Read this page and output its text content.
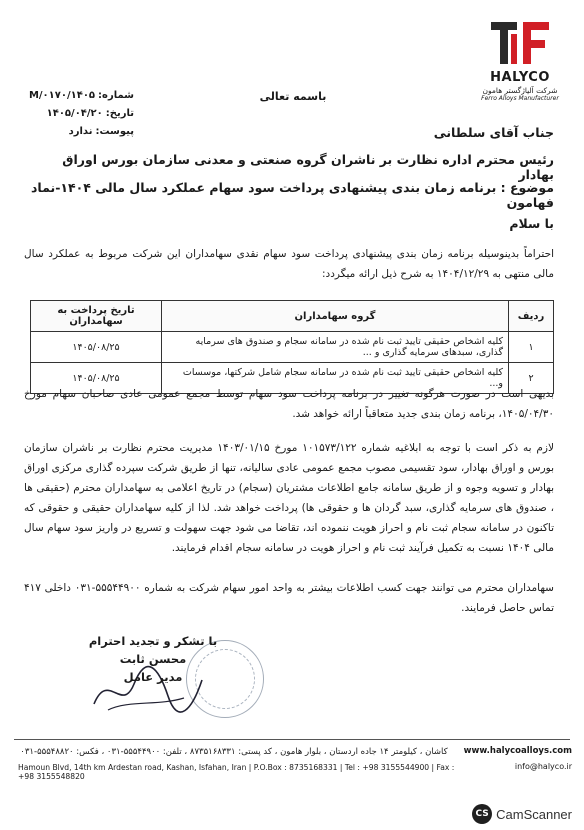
HALYCO
شرکت آلیاژگستر هامون
Ferro Alloys Manufacturer
باسمه تعالی
شماره:۱۴۰۵/M/۰۱۷۰
تاریخ:۱۴۰۵/۰۴/۲۰
پیوست:ندارد	جناب آقای سلطانی
رئیس محترم اداره نظارت بر ناشران گروه صنعتی و معدنی سازمان بورس اوراق بهادار
موضوع : برنامه زمان بندی پیشنهادی پرداخت سود سهام عملکرد سال مالی ۱۴۰۴-نماد فهامون
با سلام
احتراماً بدینوسیله برنامه زمان بندی پیشنهادی پرداخت سود سهام نقدی سهامداران این شرکت مربوط به عملکرد سال مالی منتهی به ۱۴۰۴/۱۲/۲۹ به شرح ذیل ارائه میگردد:
ردیف	گروه سهامداران	تاریخ پرداخت به سهامداران
۱	کلیه اشخاص حقیقی تایید ثبت نام شده در سامانه سجام و صندوق های سرمایه گذاری، سبدهای سرمایه گذاری و ...	۱۴۰۵/۰۸/۲۵
۲	کلیه اشخاص حقیقی تایید ثبت نام شده در سامانه سجام شامل شرکتها، موسسات و...	۱۴۰۵/۰۸/۲۵
بدیهی است در صورت هرگونه تغییر در برنامه پرداخت سود سهام توسط مجمع عمومی عادی صاحبان سهام مورخ ۱۴۰۵/۰۴/۳۰، برنامه زمان بندی جدید متعاقباً ارائه خواهد شد.
لازم به ذکر است با توجه به ابلاغیه شماره ۱۰۱۵۷۳/۱۲۲ مورخ ۱۴۰۳/۰۱/۱۵ مدیریت محترم نظارت بر ناشران سازمان بورس و اوراق بهادار، سود تقسیمی مصوب مجمع عمومی عادی سالیانه، تنها از طریق شرکت سپرده گذاری مرکزی اوراق بهادار و تسویه وجوه و از طریق سامانه جامع اطلاعات مشتریان (سجام) در تاریخ اعلامی به سهامداران محترم (حقیقی ها ، صندوق های سرمایه گذاری، سبد گردان ها و حقوقی ها) پرداخت خواهد شد. لذا از کلیه سهامداران حقیقی و حقوقی که تاکنون در سامانه سجام ثبت نام و احراز هویت ننموده اند، تقاضا می شود جهت سهولت و تسریع در واریز سود سهام سال مالی ۱۴۰۴ نسبت به تکمیل فرآیند ثبت نام و احراز هویت در سامانه سجام اقدام فرمایند.
سهامداران محترم می توانند جهت کسب اطلاعات بیشتر به واحد امور سهام شرکت به شماره ۵۵۵۴۴۹۰۰-۰۳۱ داخلی ۴۱۷ تماس حاصل فرمایند.
با تشکر و تجدید احترام
محسن ثابت
مدیر عامل
کاشان ، کیلومتر ۱۴ جاده اردستان ، بلوار هامون ، کد پستی: ۸۷۳۵۱۶۸۳۳۱ ، تلفن: ۵۵۵۴۴۹۰۰-۰۳۱ ، فکس: ۵۵۵۴۸۸۲۰-۰۳۱
Hamoun Blvd, 14th km Ardestan road, Kashan, Isfahan, Iran | P.O.Box : 8735168331 | Tel : +98 3155544900 | Fax : +98 3155548820
www.halycoalloys.com
info@halyco.ir
CS CamScanner
